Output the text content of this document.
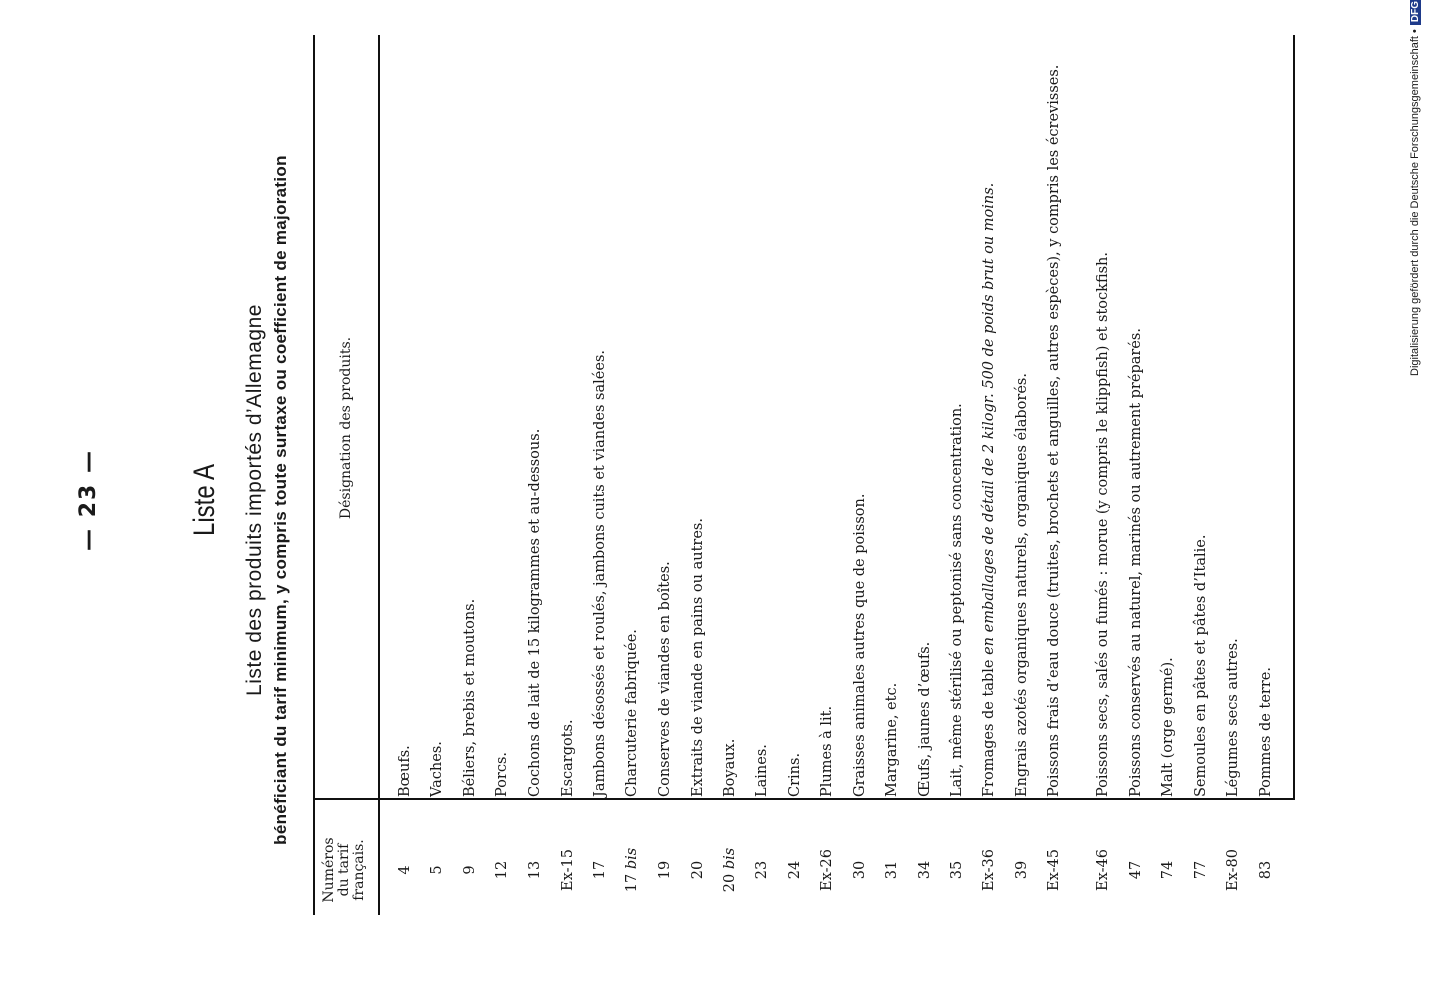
— 23 —	Liste A Liste des produits importés d’Allemagne bénéficiant du tarif minimum, y compris toute surtaxe ou coefficient de majoration
Numéros du tarif français.
Désignation des produits.
4
Bœufs.
5
Vaches.
9
Béliers, brebis et moutons.
12
Porcs.
13
Cochons de lait de 15 kilogrammes et au-dessous.
Ex-15
Escargots.
17
Jambons désossés et roulés, jambons cuits et viandes salées.
17 bis
Charcuterie fabriquée.
19
Conserves de viandes en boîtes.
20
Extraits de viande en pains ou autres.
20 bis
Boyaux.
23
Laines.
24
Crins.
Ex-26
Plumes à lit.
30
Graisses animales autres que de poisson.
31
Margarine, etc.
34
Œufs, jaunes d’œufs.
35
Lait, même stérilisé ou peptonisé sans concentration.
Ex-36
Fromages de table en emballages de détail de 2 kilogr. 500 de poids brut ou moins.
39
Engrais azotés organiques naturels, organiques élaborés.
Ex-45
Poissons frais d’eau douce (truites, brochets et anguilles, autres espèces), y compris les écrevisses.
Ex-46
Poissons secs, salés ou fumés : morue (y compris le klippfish) et stockfish.
47
Poissons conservés au naturel, marinés ou autrement préparés.
74
Malt (orge germé).
77
Semoules en pâtes et pâtes d’Italie.
Ex-80
Légumes secs autres.
83
Pommes de terre.
Digitalisierung gefördert durch die Deutsche Forschungsgemeinschaft •DFG
